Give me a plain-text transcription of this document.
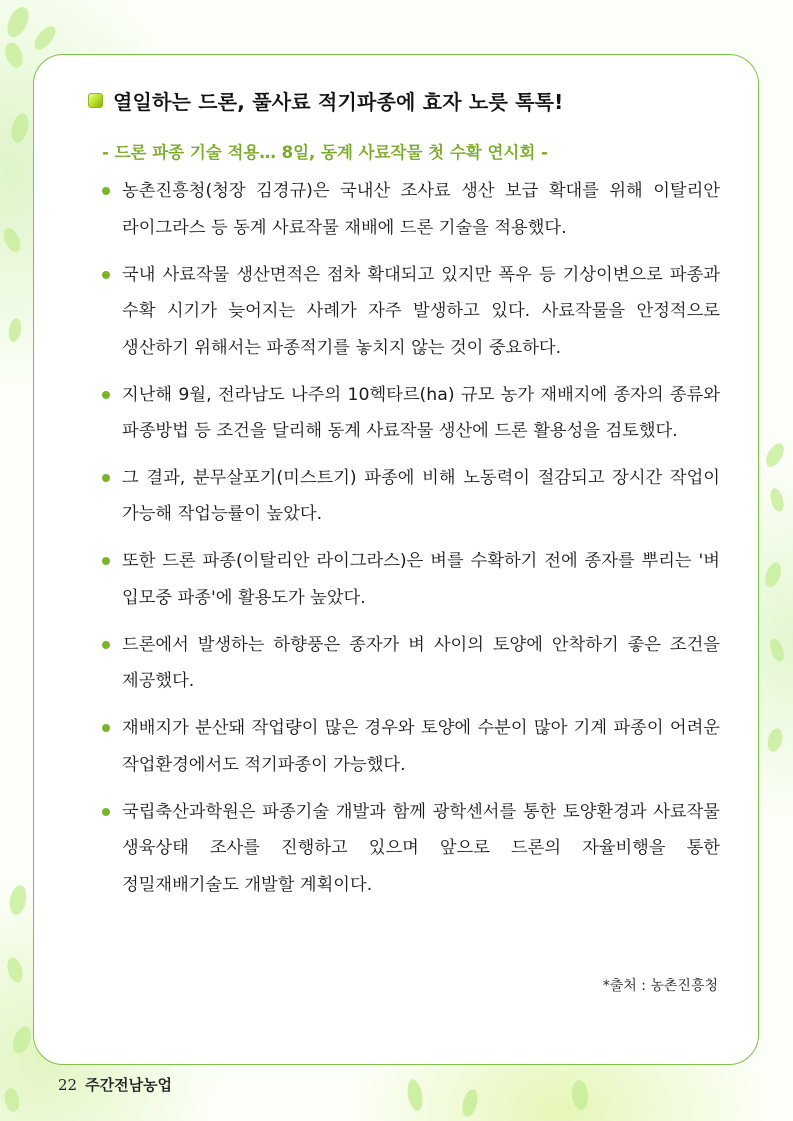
열일하는 드론, 풀사료 적기파종에 효자 노릇 톡톡!
- 드론 파종 기술 적용… 8일, 동계 사료작물 첫 수확 연시회 -
농촌진흥청(청장 김경규)은 국내산 조사료 생산 보급 확대를 위해 이탈리안 라이그라스 등 동계 사료작물 재배에 드론 기술을 적용했다.
국내 사료작물 생산면적은 점차 확대되고 있지만 폭우 등 기상이변으로 파종과 수확 시기가 늦어지는 사례가 자주 발생하고 있다. 사료작물을 안정적으로 생산하기 위해서는 파종적기를 놓치지 않는 것이 중요하다.
지난해 9월, 전라남도 나주의 10헥타르(ha) 규모 농가 재배지에 종자의 종류와 파종방법 등 조건을 달리해 동계 사료작물 생산에 드론 활용성을 검토했다.
그 결과, 분무살포기(미스트기) 파종에 비해 노동력이 절감되고 장시간 작업이 가능해 작업능률이 높았다.
또한 드론 파종(이탈리안 라이그라스)은 벼를 수확하기 전에 종자를 뿌리는 '벼 입모중 파종'에 활용도가 높았다.
드론에서 발생하는 하향풍은 종자가 벼 사이의 토양에 안착하기 좋은 조건을 제공했다.
재배지가 분산돼 작업량이 많은 경우와 토양에 수분이 많아 기계 파종이 어려운 작업환경에서도 적기파종이 가능했다.
국립축산과학원은 파종기술 개발과 함께 광학센서를 통한 토양환경과 사료작물 생육상태 조사를 진행하고 있으며 앞으로 드론의 자율비행을 통한 정밀재배기술도 개발할 계획이다.
*출처 : 농촌진흥청
22 주간전남농업
